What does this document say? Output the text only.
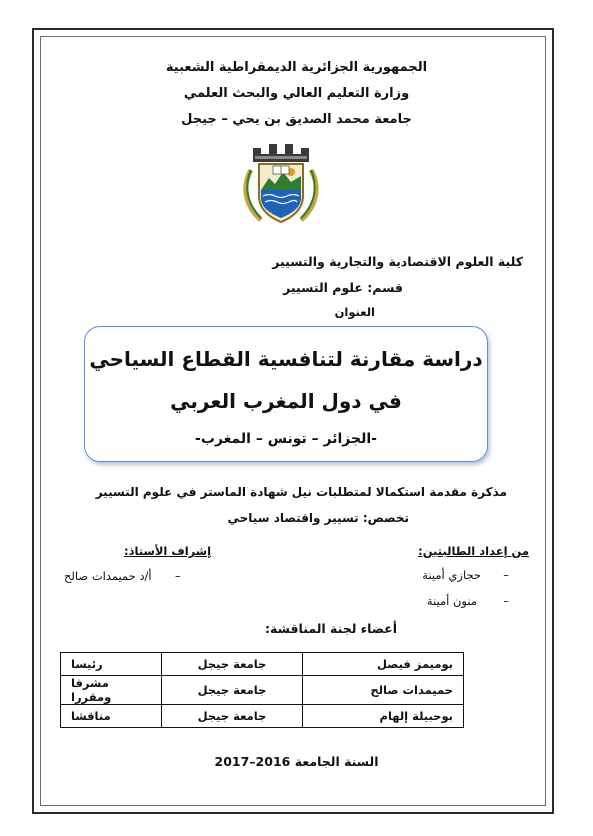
الجمهورية الجزائرية الديمقراطية الشعبية
وزارة التعليم العالي والبحث العلمي
جامعة محمد الصديق بن يحي – جيجل
كلية العلوم الاقتصادية والتجارية والتسيير
قسم: علوم التسيير
العنوان
دراسة مقارنة لتنافسية القطاع السياحي
في دول المغرب العربي
-الجزائر – تونس – المغرب-
مذكرة مقدمة استكمالا لمتطلبات نيل شهادة الماستر في علوم التسيير
تخصص: تسيير واقتصاد سياحي
من إعداد الطالبتين:
حجازي أمينة –
منون أمينة –
إشراف الأستاذ:
–
أ/د حميمدات صالح
أعضاء لجنة المناقشة:
بوميمز فيصل	جامعة جيجل	رئيسا
حميمدات صالح	جامعة جيجل	مشرفا ومقررا
بوحبيلة إلهام	جامعة جيجل	مناقشا
السنة الجامعة 2016–2017
